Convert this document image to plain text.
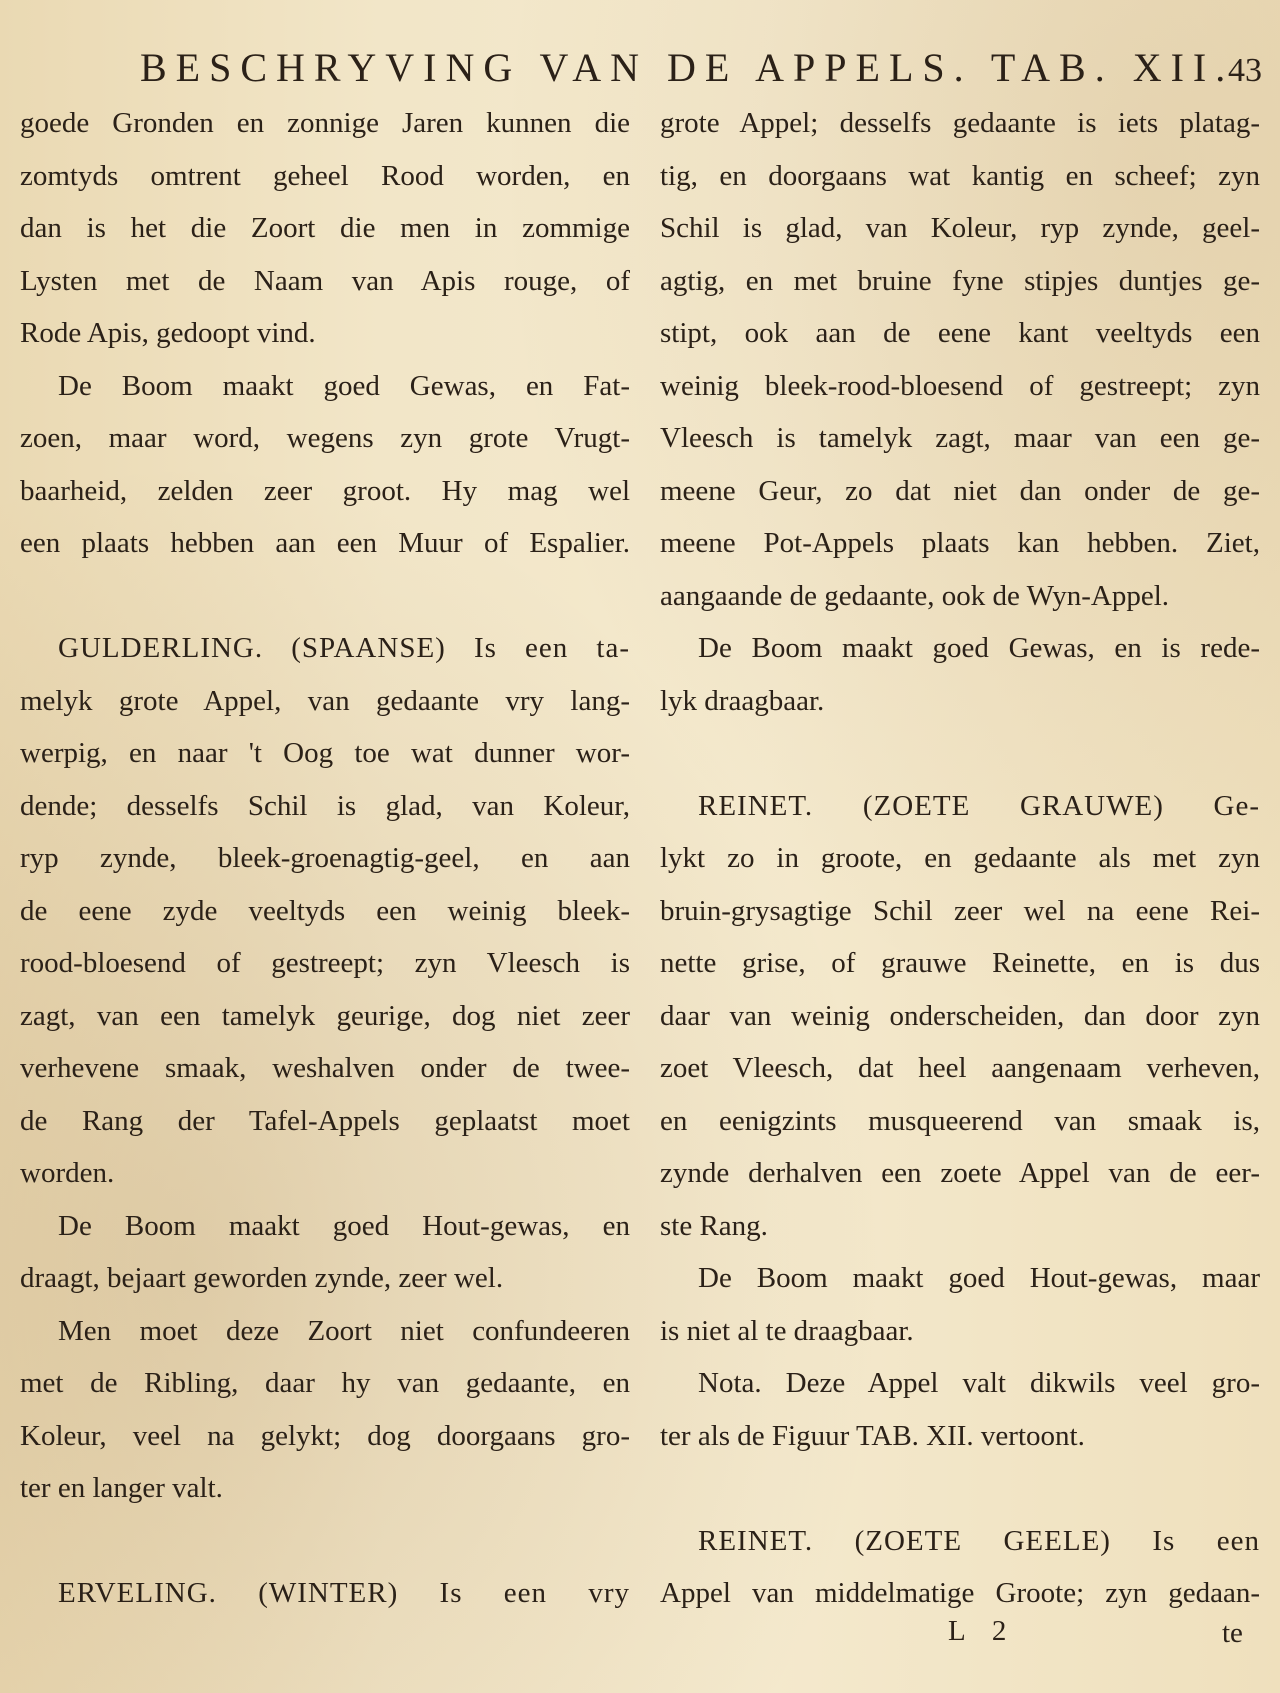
BESCHRYVING VAN DE APPELS. TAB. XII.
43
goede Gronden en zonnige Jaren kunnen die
zomtyds omtrent geheel Rood worden, en
dan is het die Zoort die men in zommige
Lysten met de Naam van Apis rouge, of
Rode Apis, gedoopt vind.
De Boom maakt goed Gewas, en Fat-
zoen, maar word, wegens zyn grote Vrugt-
baarheid, zelden zeer groot. Hy mag wel
een plaats hebben aan een Muur of Espalier.
GULDERLING. (SPAANSE) Is een ta-
melyk grote Appel, van gedaante vry lang-
werpig, en naar 't Oog toe wat dunner wor-
dende; desselfs Schil is glad, van Koleur,
ryp zynde, bleek-groenagtig-geel, en aan
de eene zyde veeltyds een weinig bleek-
rood-bloesend of gestreept; zyn Vleesch is
zagt, van een tamelyk geurige, dog niet zeer
verhevene smaak, weshalven onder de twee-
de Rang der Tafel-Appels geplaatst moet
worden.
De Boom maakt goed Hout-gewas, en
draagt, bejaart geworden zynde, zeer wel.
Men moet deze Zoort niet confundeeren
met de Ribling, daar hy van gedaante, en
Koleur, veel na gelykt; dog doorgaans gro-
ter en langer valt.
ERVELING. (WINTER) Is een vry
grote Appel; desselfs gedaante is iets platag-
tig, en doorgaans wat kantig en scheef; zyn
Schil is glad, van Koleur, ryp zynde, geel-
agtig, en met bruine fyne stipjes duntjes ge-
stipt, ook aan de eene kant veeltyds een
weinig bleek-rood-bloesend of gestreept; zyn
Vleesch is tamelyk zagt, maar van een ge-
meene Geur, zo dat niet dan onder de ge-
meene Pot-Appels plaats kan hebben. Ziet,
aangaande de gedaante, ook de Wyn-Appel.
De Boom maakt goed Gewas, en is rede-
lyk draagbaar.
REINET. (ZOETE GRAUWE) Ge-
lykt zo in groote, en gedaante als met zyn
bruin-grysagtige Schil zeer wel na eene Rei-
nette grise, of grauwe Reinette, en is dus
daar van weinig onderscheiden, dan door zyn
zoet Vleesch, dat heel aangenaam verheven,
en eenigzints musqueerend van smaak is,
zynde derhalven een zoete Appel van de eer-
ste Rang.
De Boom maakt goed Hout-gewas, maar
is niet al te draagbaar.
Nota. Deze Appel valt dikwils veel gro-
ter als de Figuur TAB. XII. vertoont.
REINET. (ZOETE GEELE) Is een
Appel van middelmatige Groote; zyn gedaan-
L 2	te
